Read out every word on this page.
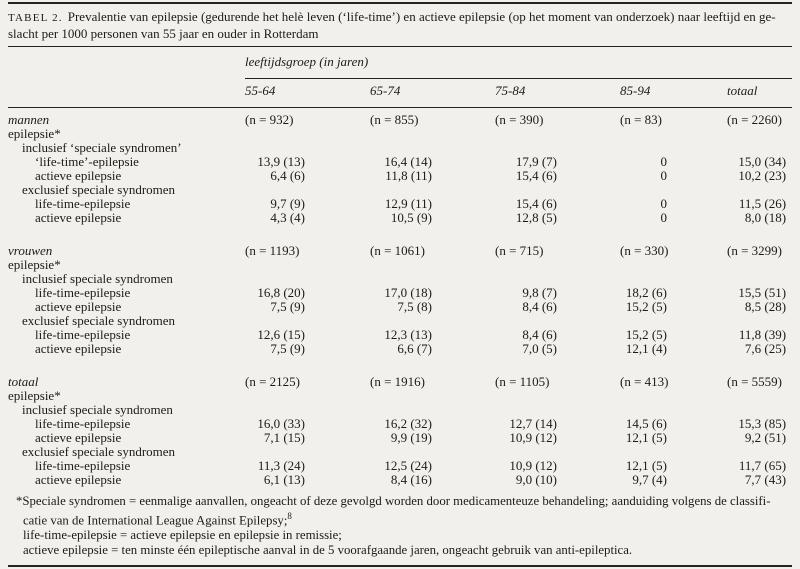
TABEL 2. Prevalentie van epilepsie (gedurende het helè leven (‘life-time’) en actieve epilepsie (op het moment van onderzoek) naar leeftijd en ge-
slacht per 1000 personen van 55 jaar en ouder in Rotterdam
	leeftijdsgroep (in jaren)				
	55-64	65-74	75-84	85-94	totaal
mannen	(n = 932)	(n = 855)	(n = 390)	(n = 83)	(n = 2260)
epilepsie*					
inclusief ‘speciale syndromen’					
‘life-time’-epilepsie	13,9 (13)	16,4 (14)	17,9 (7)	0	15,0 (34)
actieve epilepsie	6,4 (6)	11,8 (11)	15,4 (6)	0	10,2 (23)
exclusief speciale syndromen					
life-time-epilepsie	9,7 (9)	12,9 (11)	15,4 (6)	0	11,5 (26)
actieve epilepsie	4,3 (4)	10,5 (9)	12,8 (5)	0	8,0 (18)

vrouwen	(n = 1193)	(n = 1061)	(n = 715)	(n = 330)	(n = 3299)
epilepsie*					
inclusief speciale syndromen					
life-time-epilepsie	16,8 (20)	17,0 (18)	9,8 (7)	18,2 (6)	15,5 (51)
actieve epilepsie	7,5 (9)	7,5 (8)	8,4 (6)	15,2 (5)	8,5 (28)
exclusief speciale syndromen					
life-time-epilepsie	12,6 (15)	12,3 (13)	8,4 (6)	15,2 (5)	11,8 (39)
actieve epilepsie	7,5 (9)	6,6 (7)	7,0 (5)	12,1 (4)	7,6 (25)

totaal	(n = 2125)	(n = 1916)	(n = 1105)	(n = 413)	(n = 5559)
epilepsie*					
inclusief speciale syndromen					
life-time-epilepsie	16,0 (33)	16,2 (32)	12,7 (14)	14,5 (6)	15,3 (85)
actieve epilepsie	7,1 (15)	9,9 (19)	10,9 (12)	12,1 (5)	9,2 (51)
exclusief speciale syndromen					
life-time-epilepsie	11,3 (24)	12,5 (24)	10,9 (12)	12,1 (5)	11,7 (65)
actieve epilepsie	6,1 (13)	8,4 (16)	9,0 (10)	9,7 (4)	7,7 (43)
*Speciale syndromen = eenmalige aanvallen, ongeacht of deze gevolgd worden door medicamenteuze behandeling; aanduiding volgens de classifi-
catie van de International League Against Epilepsy;$^8$
life-time-epilepsie = actieve epilepsie en epilepsie in remissie;
actieve epilepsie = ten minste één epileptische aanval in de 5 voorafgaande jaren, ongeacht gebruik van anti-epileptica.
